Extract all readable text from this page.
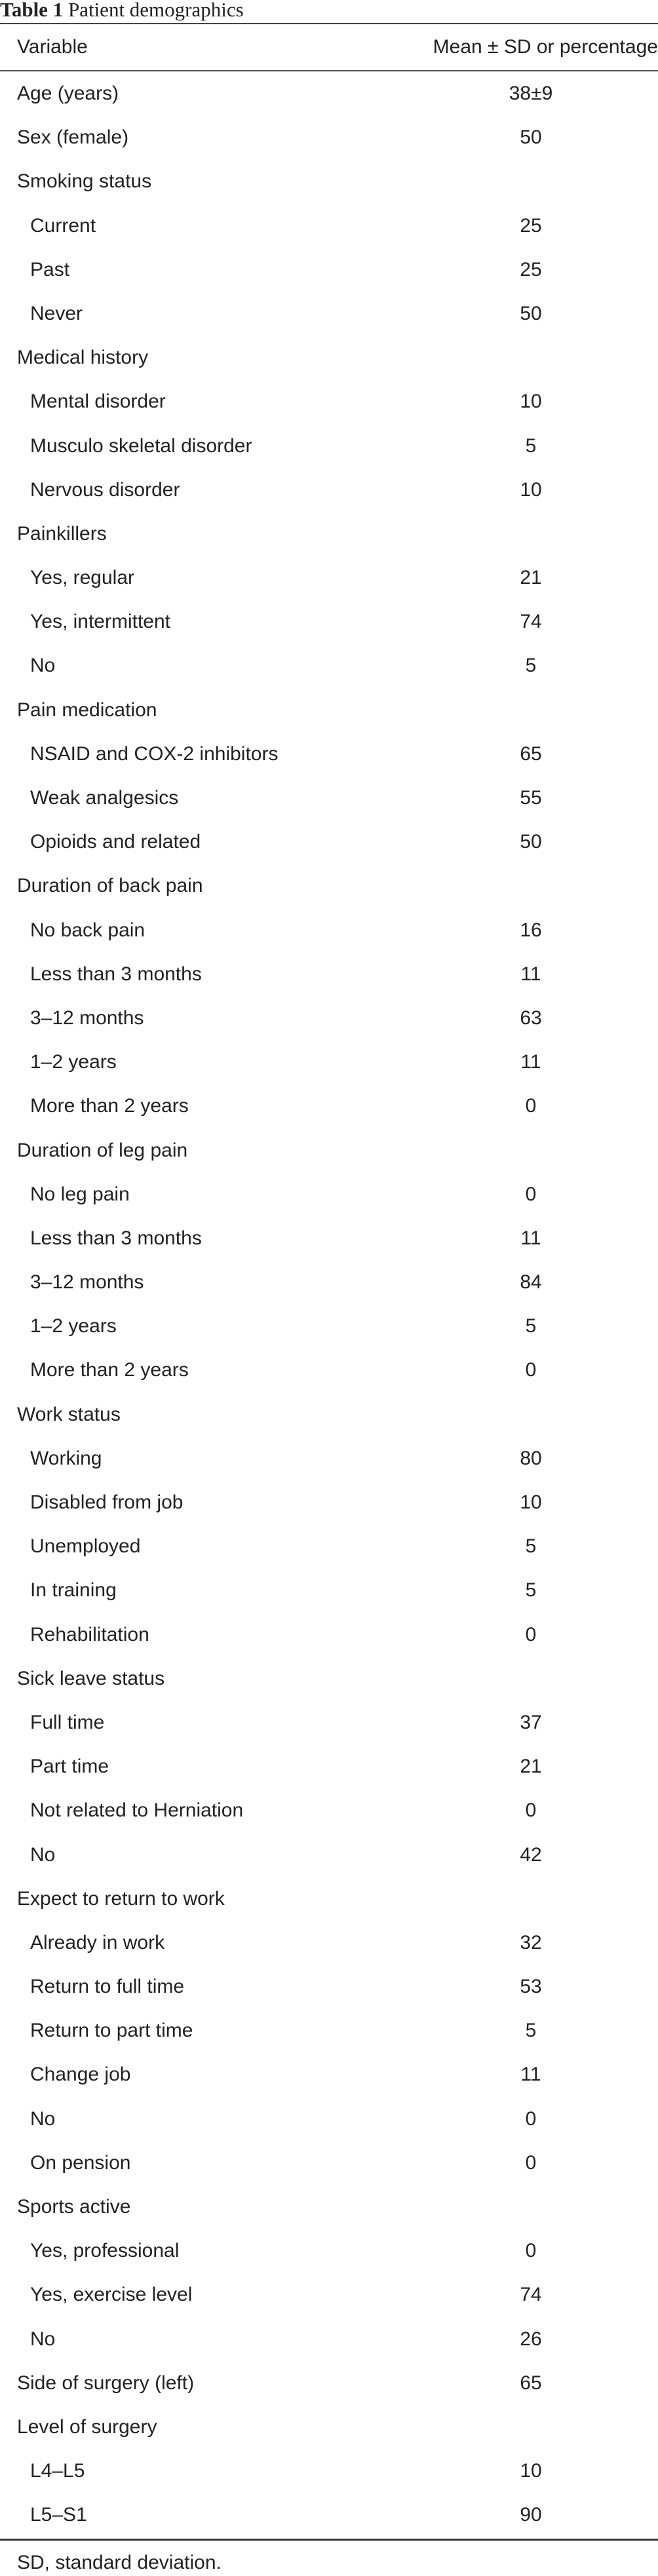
Table 1 Patient demographics
Variable	Mean ± SD or percentage
Age (years)	38±9
Sex (female)	50
Smoking status
Current	25
Past	25
Never	50
Medical history
Mental disorder	10
Musculo skeletal disorder	5
Nervous disorder	10
Painkillers
Yes, regular	21
Yes, intermittent	74
No	5
Pain medication
NSAID and COX-2 inhibitors	65
Weak analgesics	55
Opioids and related	50
Duration of back pain
No back pain	16
Less than 3 months	11
3–12 months	63
1–2 years	11
More than 2 years	0
Duration of leg pain
No leg pain	0
Less than 3 months	11
3–12 months	84
1–2 years	5
More than 2 years	0
Work status
Working	80
Disabled from job	10
Unemployed	5
In training	5
Rehabilitation	0
Sick leave status
Full time	37
Part time	21
Not related to Herniation	0
No	42
Expect to return to work
Already in work	32
Return to full time	53
Return to part time	5
Change job	11
No	0
On pension	0
Sports active
Yes, professional	0
Yes, exercise level	74
No	26
Side of surgery (left)	65
Level of surgery
L4–L5	10
L5–S1	90
SD, standard deviation.
